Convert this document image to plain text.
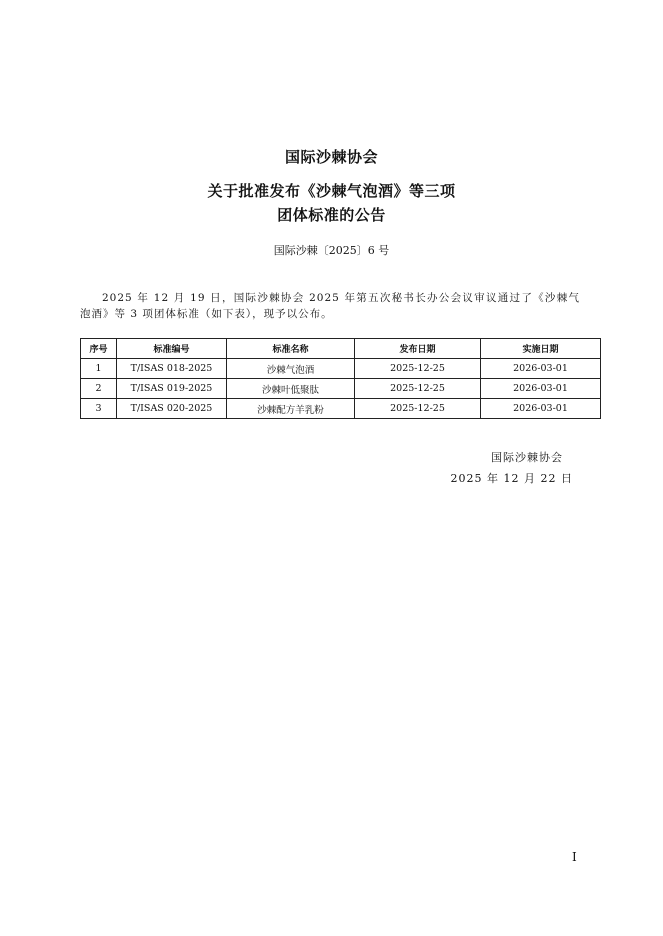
国际沙棘协会
关于批准发布《沙棘气泡酒》等三项
团体标准的公告
国际沙棘〔2025〕6 号
2025 年 12 月 19 日，国际沙棘协会 2025 年第五次秘书长办公会议审议通过了《沙棘气泡酒》等 3 项团体标准（如下表），现予以公布。
序号	标准编号	标准名称	发布日期	实施日期
1	T/ISAS 018-2025	沙棘气泡酒	2025-12-25	2026-03-01
2	T/ISAS 019-2025	沙棘叶低聚肽	2025-12-25	2026-03-01
3	T/ISAS 020-2025	沙棘配方羊乳粉	2025-12-25	2026-03-01
国际沙棘协会
2025 年 12 月 22 日
I
